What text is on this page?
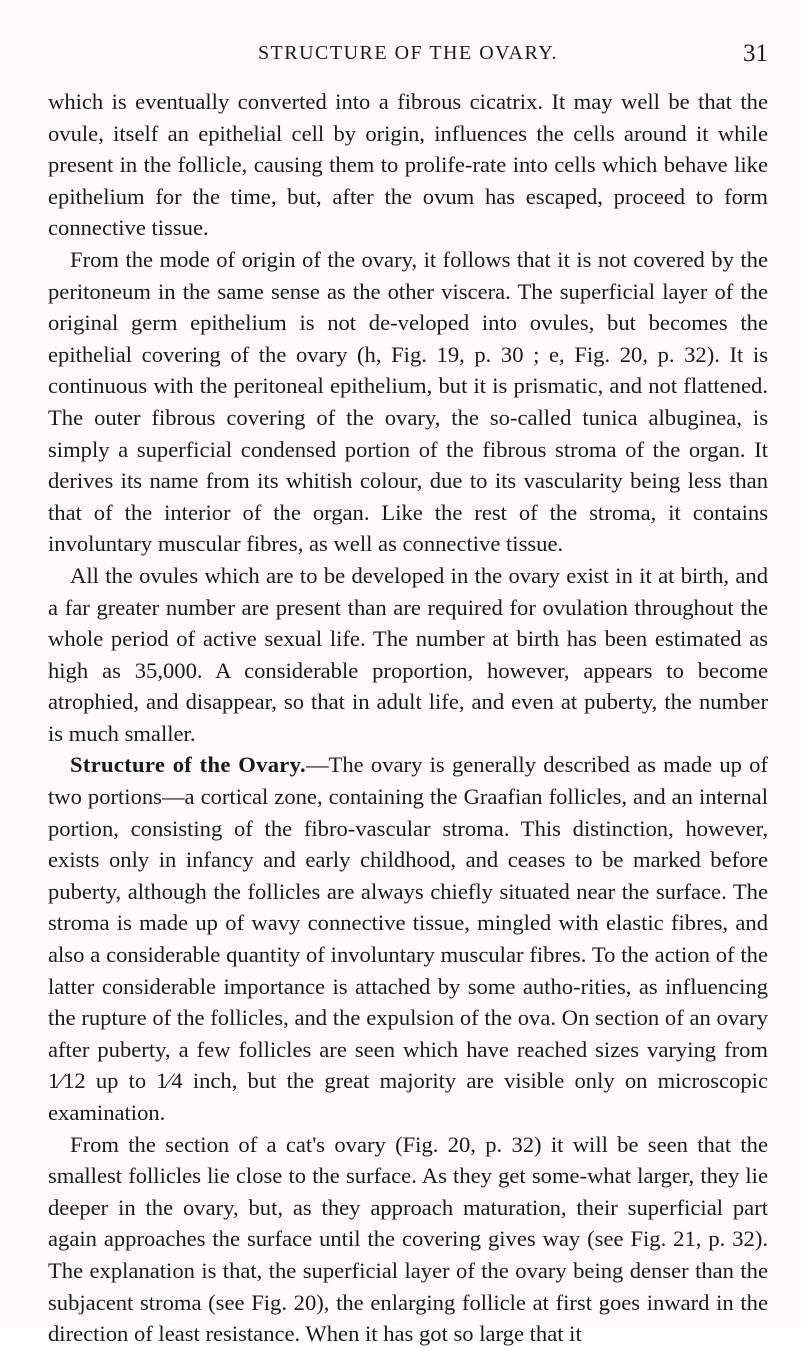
STRUCTURE OF THE OVARY.	31

which is eventually converted into a fibrous cicatrix. It may well be that the ovule, itself an epithelial cell by origin, influences the cells around it while present in the follicle, causing them to prolife-rate into cells which behave like epithelium for the time, but, after the ovum has escaped, proceed to form connective tissue.

From the mode of origin of the ovary, it follows that it is not covered by the peritoneum in the same sense as the other viscera. The superficial layer of the original germ epithelium is not de-veloped into ovules, but becomes the epithelial covering of the ovary (h, Fig. 19, p. 30 ; e, Fig. 20, p. 32). It is continuous with the peritoneal epithelium, but it is prismatic, and not flattened. The outer fibrous covering of the ovary, the so-called tunica albuginea, is simply a superficial condensed portion of the fibrous stroma of the organ. It derives its name from its whitish colour, due to its vascularity being less than that of the interior of the organ. Like the rest of the stroma, it contains involuntary muscular fibres, as well as connective tissue.

All the ovules which are to be developed in the ovary exist in it at birth, and a far greater number are present than are required for ovulation throughout the whole period of active sexual life. The number at birth has been estimated as high as 35,000. A considerable proportion, however, appears to become atrophied, and disappear, so that in adult life, and even at puberty, the number is much smaller.

Structure of the Ovary.—The ovary is generally described as made up of two portions—a cortical zone, containing the Graafian follicles, and an internal portion, consisting of the fibro-vascular stroma. This distinction, however, exists only in infancy and early childhood, and ceases to be marked before puberty, although the follicles are always chiefly situated near the surface. The stroma is made up of wavy connective tissue, mingled with elastic fibres, and also a considerable quantity of involuntary muscular fibres. To the action of the latter considerable importance is attached by some autho-rities, as influencing the rupture of the follicles, and the expulsion of the ova. On section of an ovary after puberty, a few follicles are seen which have reached sizes varying from 1⁄12 up to 1⁄4 inch, but the great majority are visible only on microscopic examination.

From the section of a cat's ovary (Fig. 20, p. 32) it will be seen that the smallest follicles lie close to the surface. As they get some-what larger, they lie deeper in the ovary, but, as they approach maturation, their superficial part again approaches the surface until the covering gives way (see Fig. 21, p. 32). The explanation is that, the superficial layer of the ovary being denser than the subjacent stroma (see Fig. 20), the enlarging follicle at first goes inward in the direction of least resistance. When it has got so large that it
